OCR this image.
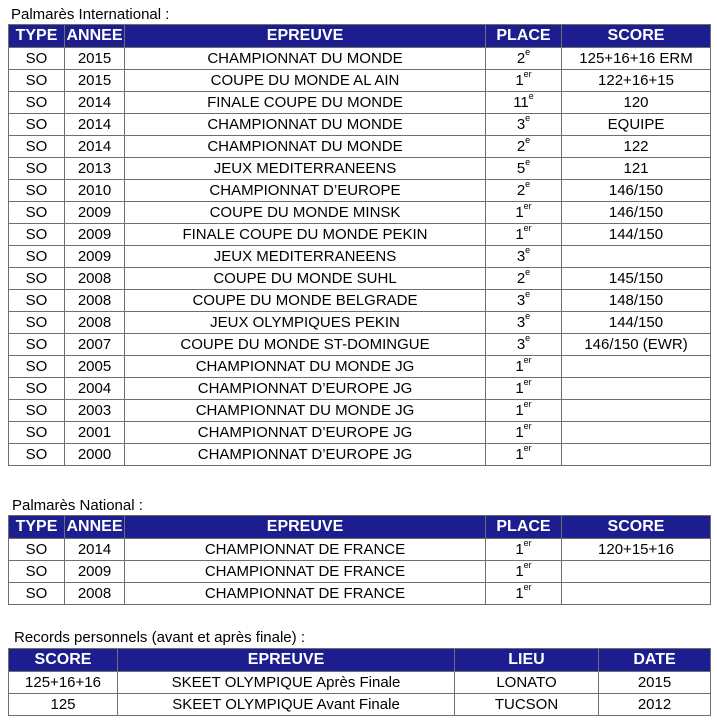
Palmarès International :
TYPE	ANNEE	EPREUVE	PLACE	SCORE
SO	2015	CHAMPIONNAT DU MONDE	2e	125+16+16 ERM
SO	2015	COUPE DU MONDE AL AIN	1er	122+16+15
SO	2014	FINALE COUPE DU MONDE	11e	120
SO	2014	CHAMPIONNAT DU MONDE	3e	EQUIPE
SO	2014	CHAMPIONNAT DU MONDE	2e	122
SO	2013	JEUX MEDITERRANEENS	5e	121
SO	2010	CHAMPIONNAT D’EUROPE	2e	146/150
SO	2009	COUPE DU MONDE MINSK	1er	146/150
SO	2009	FINALE COUPE DU MONDE PEKIN	1er	144/150
SO	2009	JEUX MEDITERRANEENS	3e	
SO	2008	COUPE DU MONDE SUHL	2e	145/150
SO	2008	COUPE DU MONDE BELGRADE	3e	148/150
SO	2008	JEUX OLYMPIQUES PEKIN	3e	144/150
SO	2007	COUPE DU MONDE ST-DOMINGUE	3e	146/150 (EWR)
SO	2005	CHAMPIONNAT DU MONDE JG	1er	
SO	2004	CHAMPIONNAT D’EUROPE JG	1er	
SO	2003	CHAMPIONNAT DU MONDE JG	1er	
SO	2001	CHAMPIONNAT D’EUROPE JG	1er	
SO	2000	CHAMPIONNAT D’EUROPE JG	1er	
Palmarès National :
TYPE	ANNEE	EPREUVE	PLACE	SCORE
SO	2014	CHAMPIONNAT DE FRANCE	1er	120+15+16
SO	2009	CHAMPIONNAT DE FRANCE	1er	
SO	2008	CHAMPIONNAT DE FRANCE	1er	
Records personnels (avant et après finale) :
SCORE	EPREUVE	LIEU	DATE
125+16+16	SKEET OLYMPIQUE Après Finale	LONATO	2015
125	SKEET OLYMPIQUE Avant Finale	TUCSON	2012
